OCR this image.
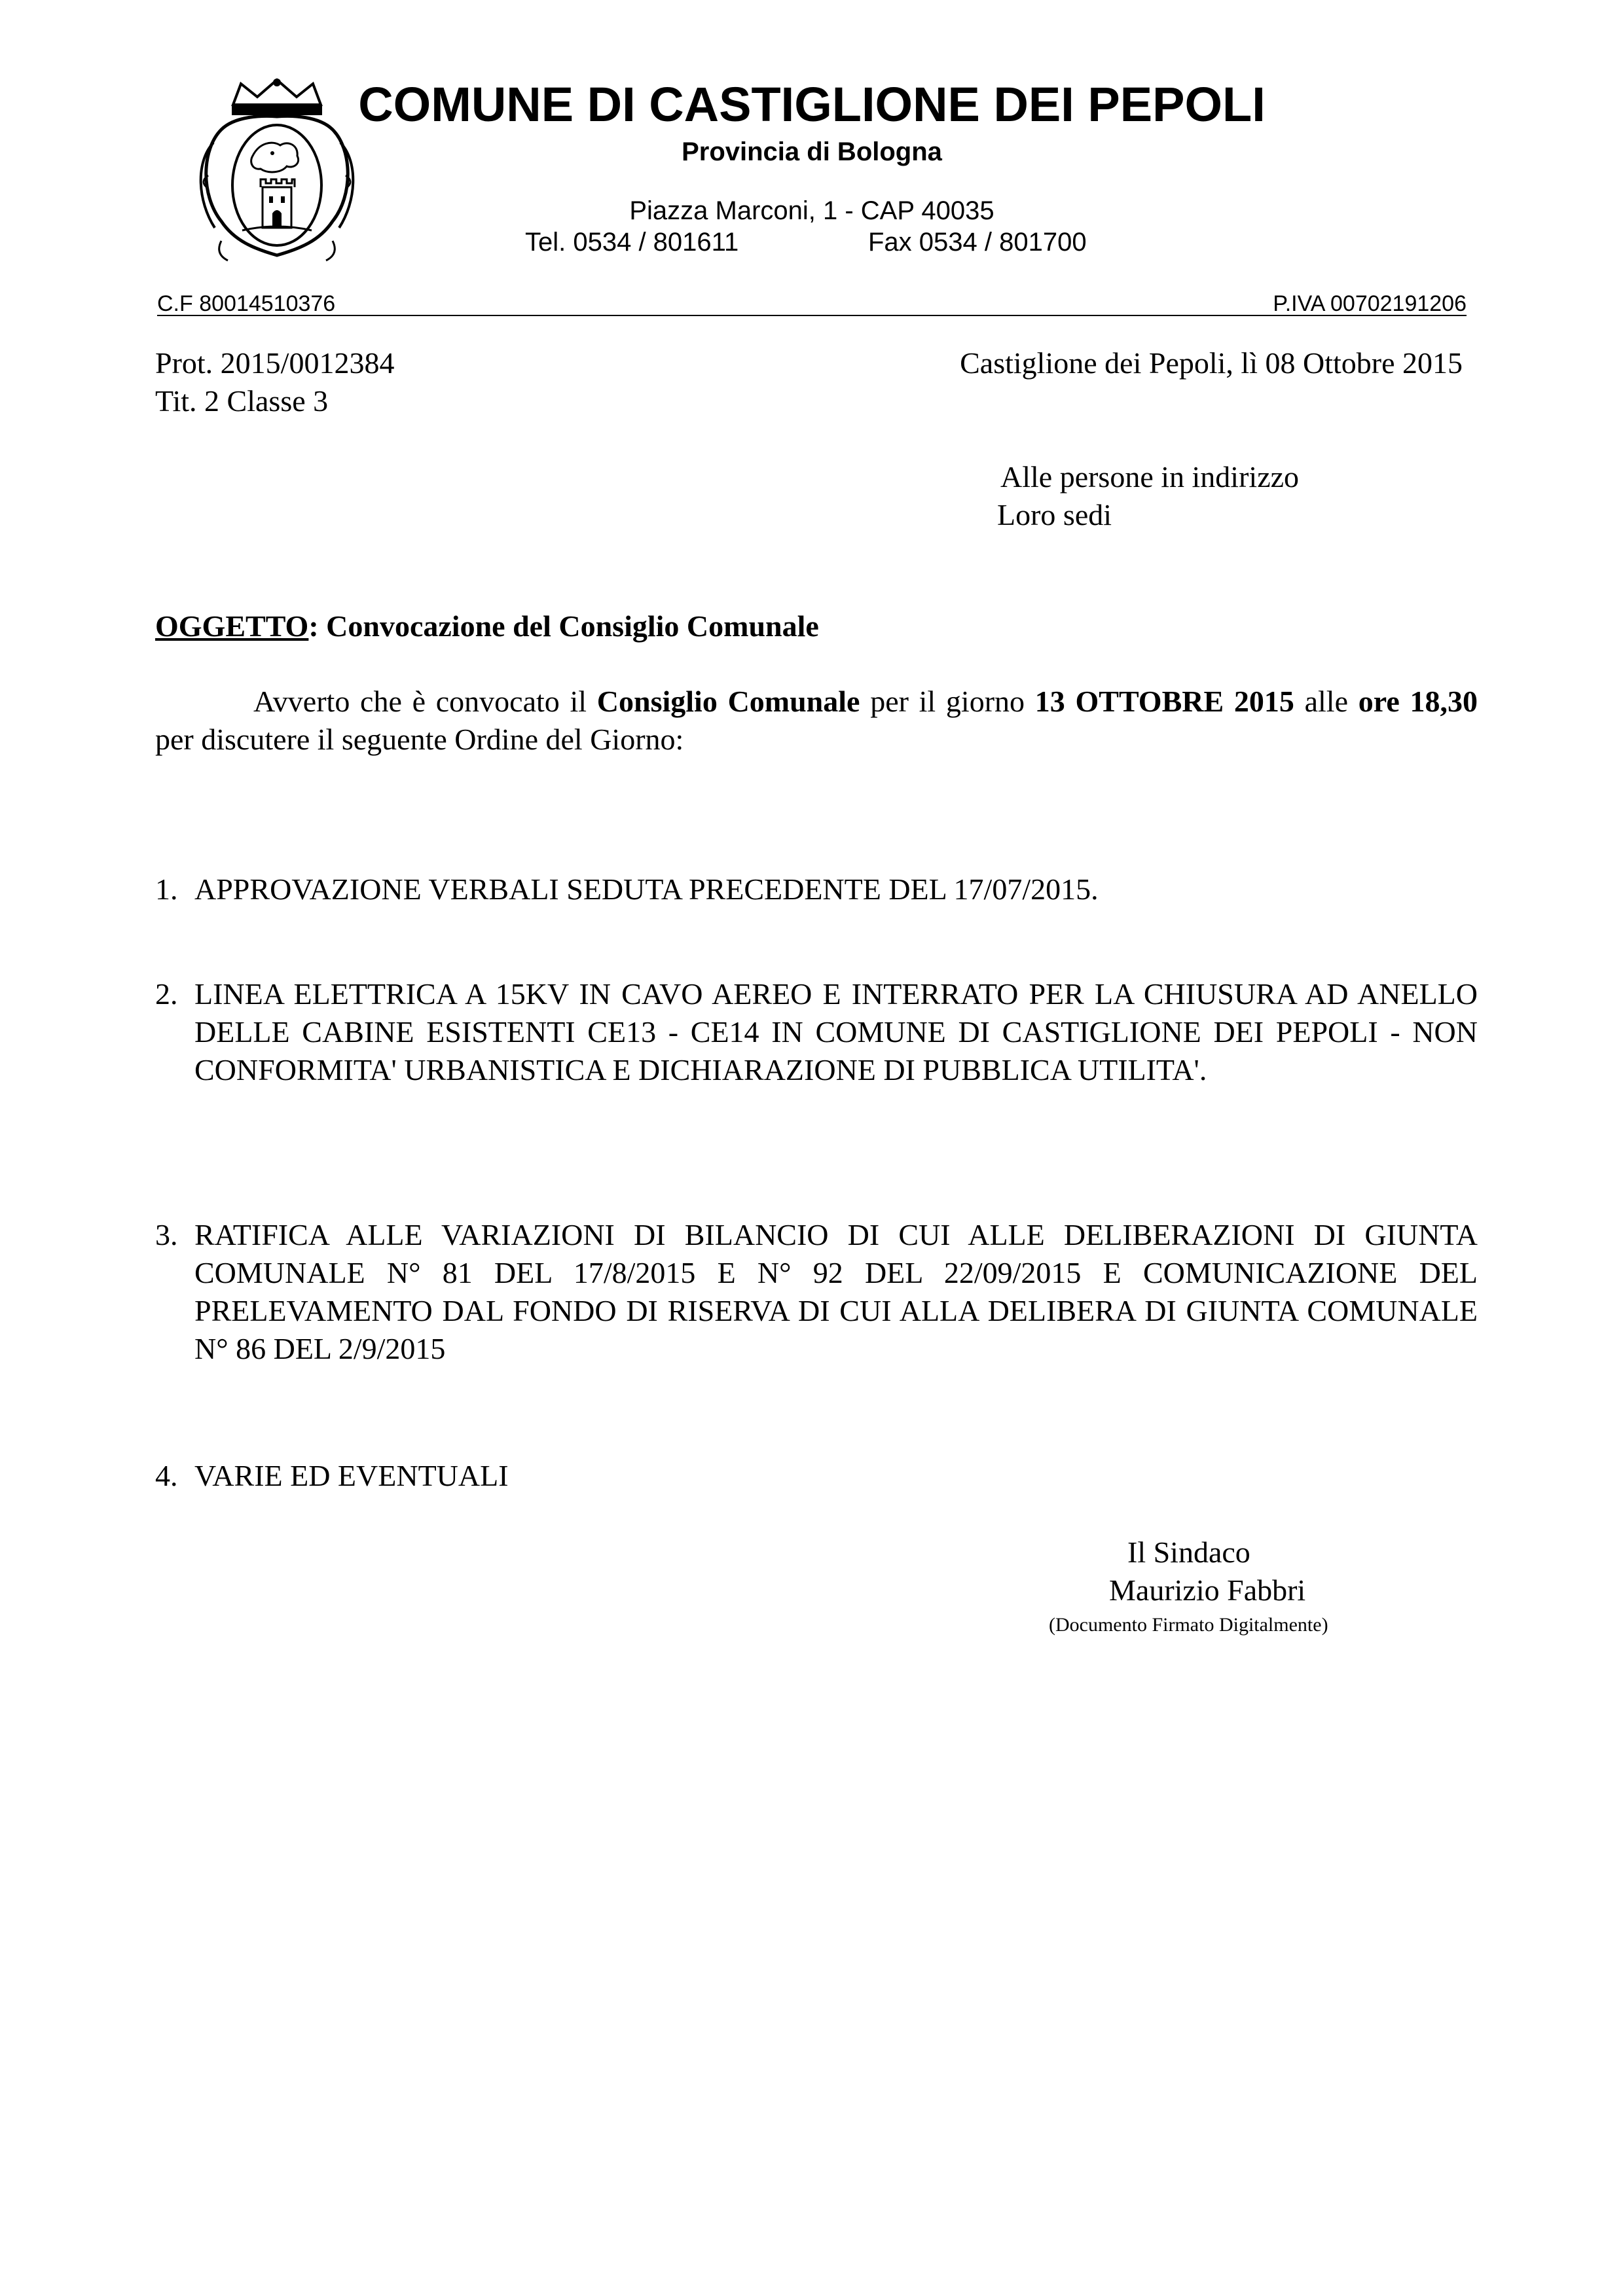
COMUNE DI CASTIGLIONE DEI PEPOLI
Provincia di Bologna
Piazza Marconi, 1 - CAP 40035
Tel. 0534 / 801611	Fax 0534 / 801700
C.F 80014510376	P.IVA 00702191206
Prot. 2015/0012384
Tit. 2 Classe 3
Castiglione dei Pepoli, lì 08 Ottobre 2015
Alle persone in indirizzo
Loro sedi
OGGETTO: Convocazione del Consiglio Comunale
Avverto che è convocato il Consiglio Comunale per il giorno 13 OTTOBRE 2015 alle ore 18,30 per discutere il seguente Ordine del Giorno:
1. APPROVAZIONE VERBALI SEDUTA PRECEDENTE DEL 17/07/2015.
2. LINEA ELETTRICA A 15KV IN CAVO AEREO E INTERRATO PER LA CHIUSURA AD ANELLO DELLE CABINE ESISTENTI CE13 - CE14 IN COMUNE DI CASTIGLIONE DEI PEPOLI - NON CONFORMITA' URBANISTICA E DICHIARAZIONE DI PUBBLICA UTILITA'.
3. RATIFICA ALLE VARIAZIONI DI BILANCIO DI CUI ALLE DELIBERAZIONI DI GIUNTA COMUNALE N° 81 DEL 17/8/2015 E N° 92 DEL 22/09/2015 E COMUNICAZIONE DEL PRELEVAMENTO DAL FONDO DI RISERVA DI CUI ALLA DELIBERA DI GIUNTA COMUNALE N° 86 DEL 2/9/2015
4. VARIE ED EVENTUALI
Il Sindaco
Maurizio Fabbri
(Documento Firmato Digitalmente)
